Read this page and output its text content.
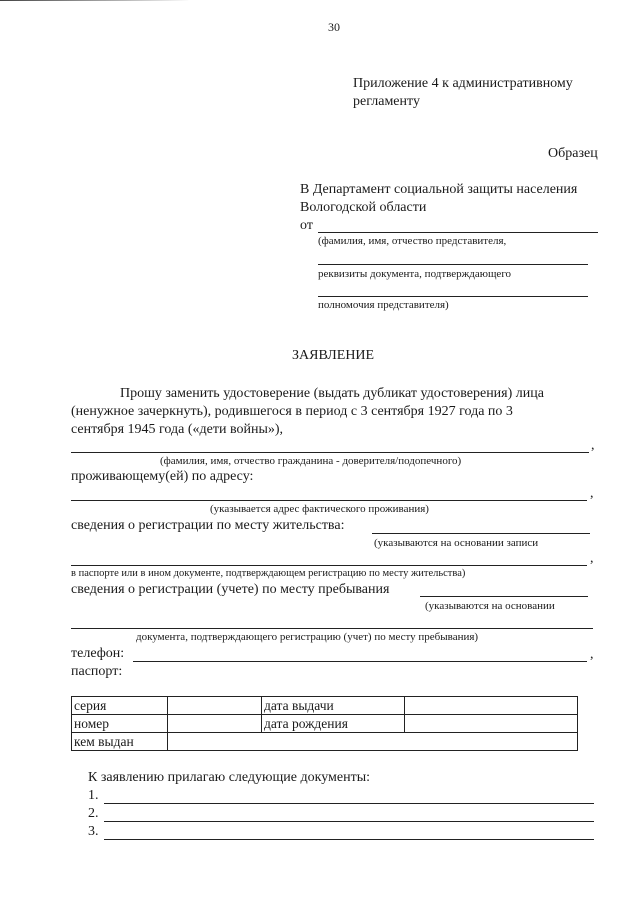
30
Приложение 4 к административному
регламенту
Образец
В Департамент социальной защиты населения
Вологодской области
от
(фамилия, имя, отчество представителя,
реквизиты документа, подтверждающего
полномочия представителя)
ЗАЯВЛЕНИЕ
Прошу заменить удостоверение (выдать дубликат удостоверения) лица
(ненужное зачеркнуть), родившегося в период с 3 сентября 1927 года по 3
сентября 1945 года («дети войны»),
,
(фамилия, имя, отчество гражданина - доверителя/подопечного)
проживающему(ей) по адресу:
,
(указывается адрес фактического проживания)
сведения о регистрации по месту жительства:
(указываются на основании записи
,
в паспорте или в ином документе, подтверждающем регистрацию по месту жительства)
сведения о регистрации (учете) по месту пребывания
(указываются на основании
документа, подтверждающего регистрацию (учет) по месту пребывания)
телефон:	,
паспорт:
серия		дата выдачи	
номер		дата рождения	
кем выдан			
К заявлению прилагаю следующие документы:
1.
2.
3.
